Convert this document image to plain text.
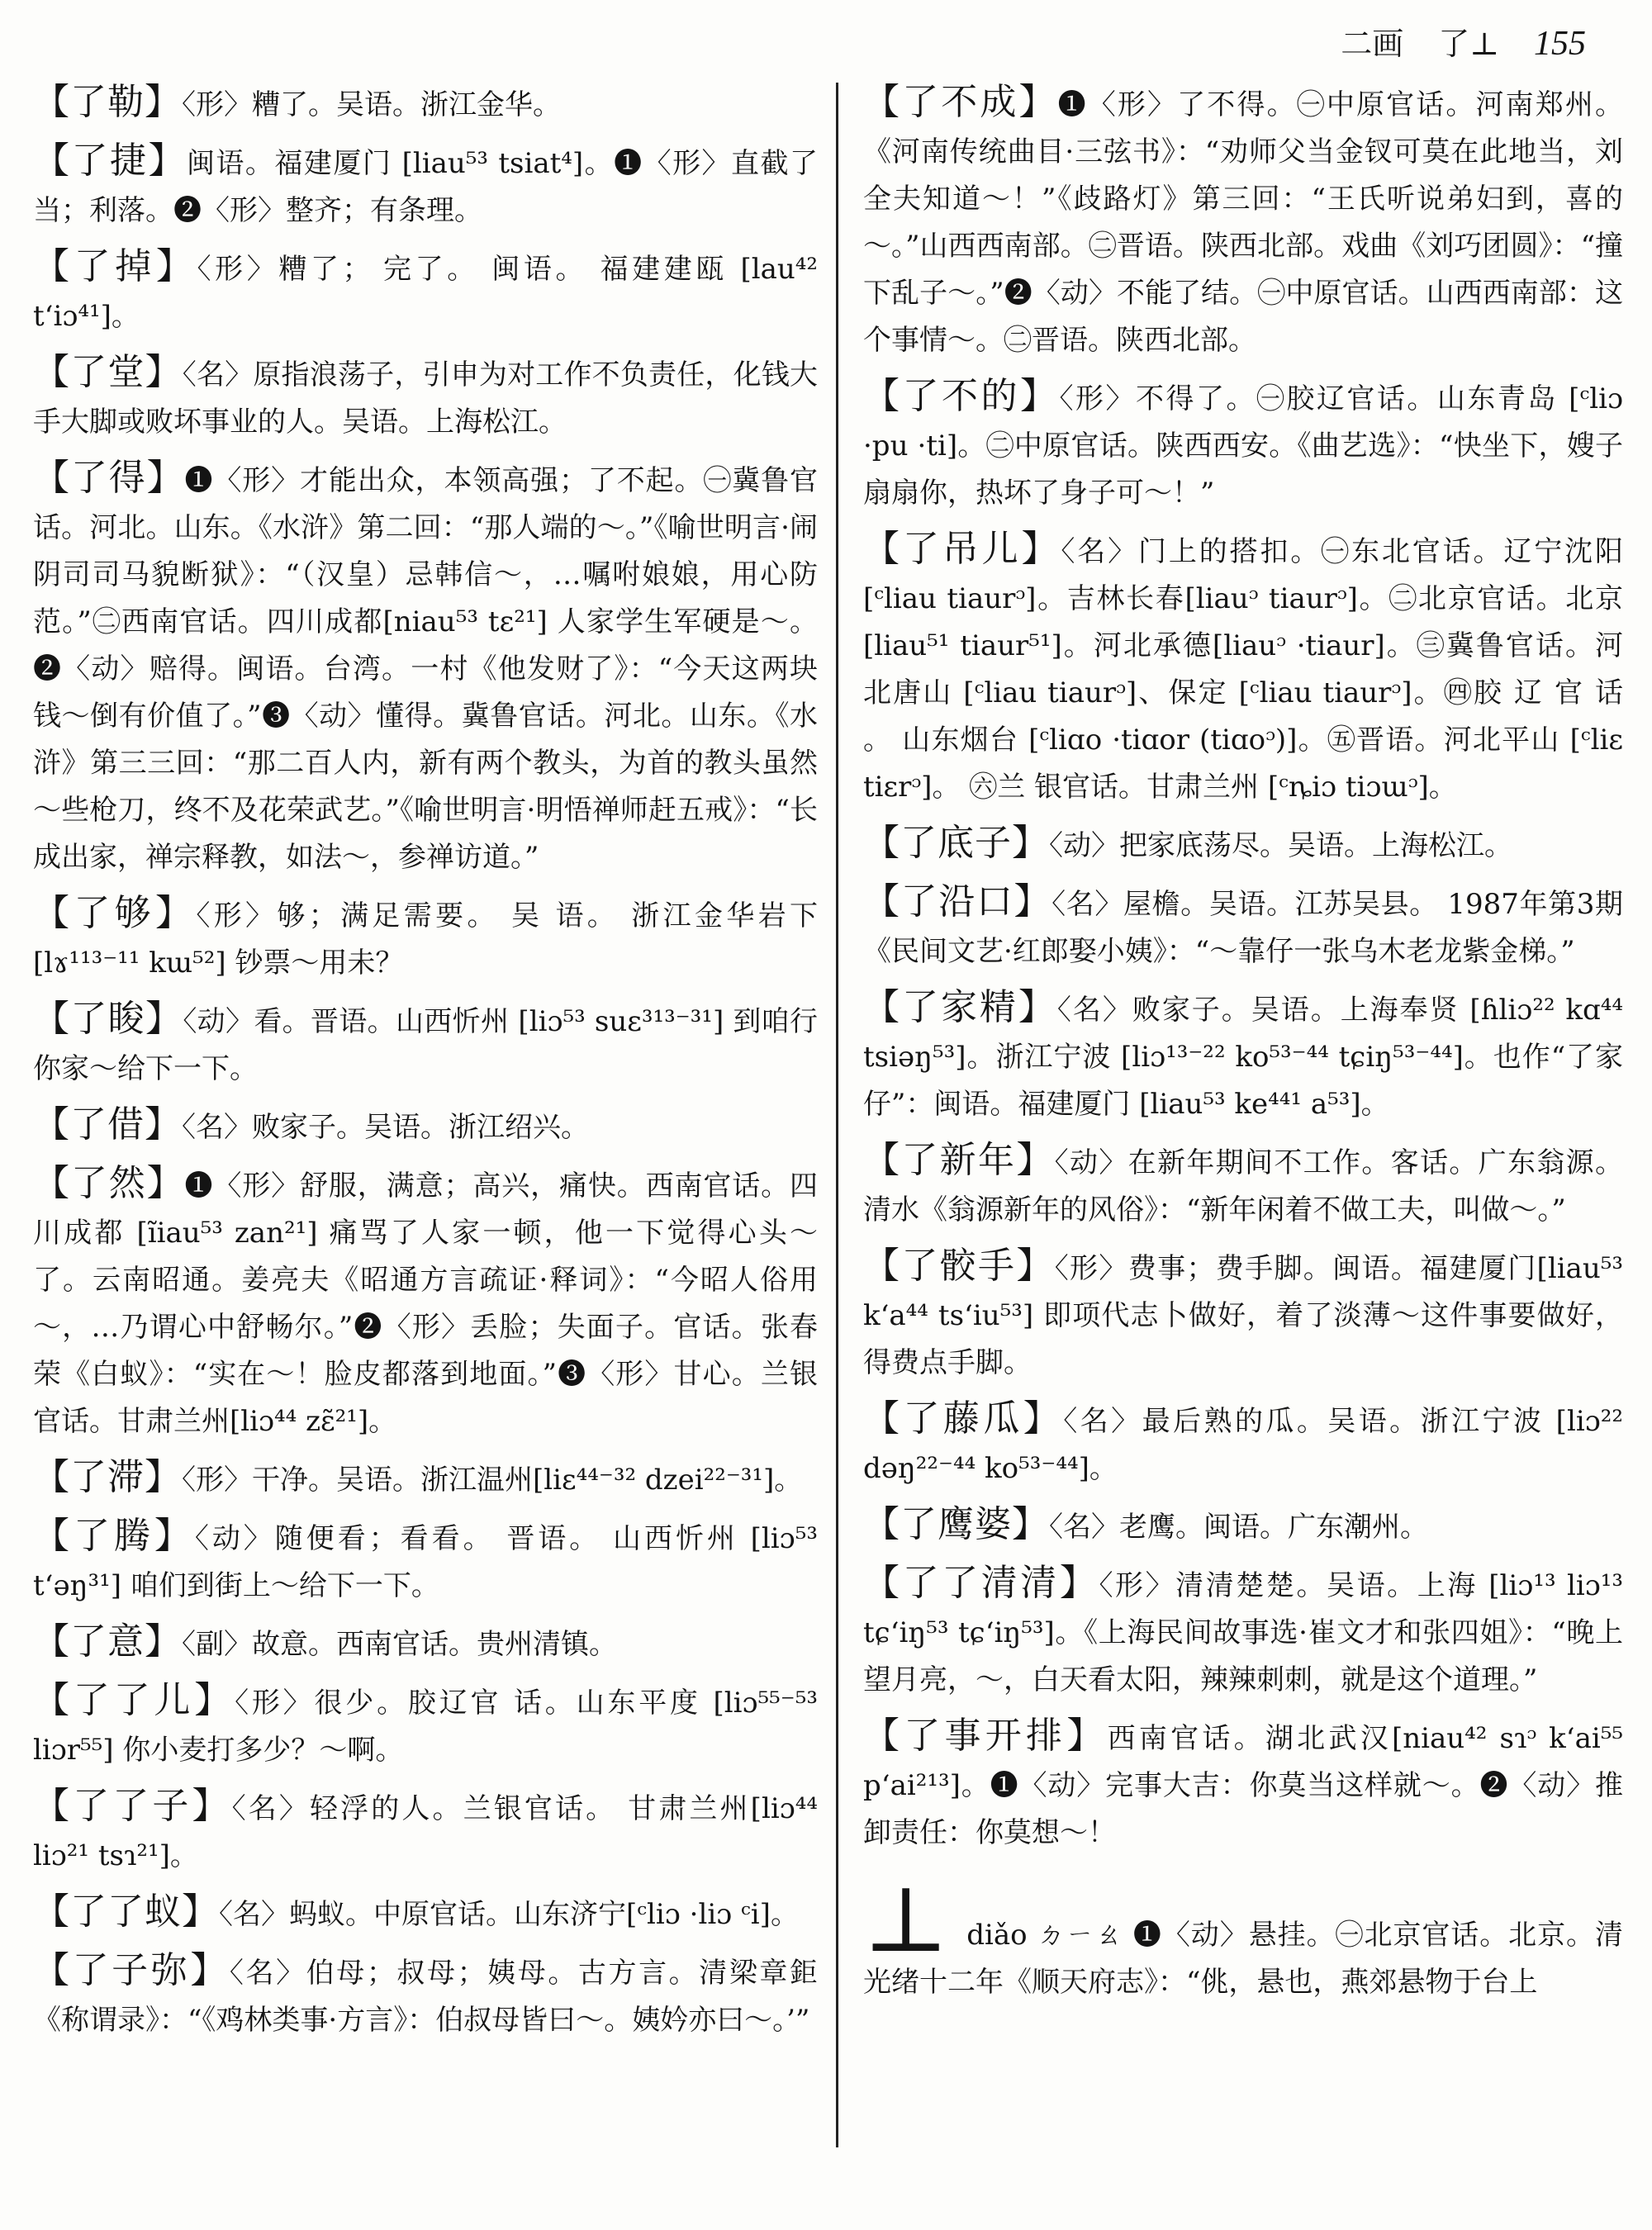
二画 了⊥ 155
【了勒】〈形〉糟了。吴语。浙江金华。
【了捷】闽语。福建厦门 [liau⁵³ tsiat⁴]。❶〈形〉直截了当；利落。❷〈形〉整齐；有条理。
【了掉】〈形〉糟了； 完了。 闽语。 福建建瓯 [lau⁴² t‘iɔ⁴¹]。
【了堂】〈名〉原指浪荡子，引申为对工作不负责任，化钱大手大脚或败坏事业的人。吴语。上海松江。
【了得】❶〈形〉才能出众，本领高强；了不起。㊀冀鲁官话。河北。山东。《水浒》第二回：“那人端的～。”《喻世明言·闹阴司司马貌断狱》：“（汉皇）忌韩信～，…嘱咐娘娘，用心防范。”㊁西南官话。四川成都[niau⁵³ tɛ²¹] 人家学生军硬是～。❷〈动〉赔得。闽语。台湾。一村《他发财了》：“今天这两块钱～倒有价值了。”❸〈动〉懂得。冀鲁官话。河北。山东。《水浒》第三三回：“那二百人内，新有两个教头，为首的教头虽然～些枪刀，终不及花荣武艺。”《喻世明言·明悟禅师赶五戒》：“长成出家，禅宗释教，如法～，参禅访道。”
【了够】〈形〉够；满足需要。 吴 语。 浙江金华岩下 [lɤ¹¹³⁻¹¹ kɯ⁵²] 钞票～用未？
【了睃】〈动〉看。晋语。山西忻州 [liɔ⁵³ suɛ³¹³⁻³¹] 到咱行你家～给下一下。
【了借】〈名〉败家子。吴语。浙江绍兴。
【了然】❶〈形〉舒服，满意；高兴，痛快。西南官话。四川成都 [ĩiau⁵³ zan²¹] 痛骂了人家一顿，他一下觉得心头～了。云南昭通。姜亮夫《昭通方言疏证·释词》：“今昭人俗用～，…乃谓心中舒畅尔。”❷〈形〉丢脸；失面子。官话。张春荣《白蚁》：“实在～！脸皮都落到地面。”❸〈形〉甘心。兰银官话。甘肃兰州[liɔ⁴⁴ zɛ̃²¹]。
【了滞】〈形〉干净。吴语。浙江温州[liɛ⁴⁴⁻³² dzei²²⁻³¹]。
【了腾】〈动〉随便看；看看。 晋语。 山西忻州 [liɔ⁵³ t‘əŋ³¹] 咱们到街上～给下一下。
【了意】〈副〉故意。西南官话。贵州清镇。
【了了儿】〈形〉很少。胶辽官 话。山东平度 [liɔ⁵⁵⁻⁵³ liɔr⁵⁵] 你小麦打多少？～啊。
【了了子】〈名〉轻浮的人。兰银官话。 甘肃兰州[liɔ⁴⁴ liɔ²¹ tsɿ²¹]。
【了了蚁】〈名〉蚂蚁。中原官话。山东济宁[ᶜliɔ ·liɔ ᶜi]。
【了子弥】〈名〉伯母；叔母；姨母。古方言。清梁章鉅《称谓录》：“《鸡林类事·方言》：伯叔母皆曰～。姨妗亦曰～。’”
【了不成】❶〈形〉了不得。㊀中原官话。河南郑州。《河南传统曲目·三弦书》：“劝师父当金钗可莫在此地当，刘全夫知道～！”《歧路灯》第三回：“王氏听说弟妇到，喜的～。”山西西南部。㊁晋语。陕西北部。戏曲《刘巧团圆》：“撞下乱子～。”❷〈动〉不能了结。㊀中原官话。山西西南部：这个事情～。㊁晋语。陕西北部。
【了不的】〈形〉不得了。㊀胶辽官话。山东青岛 [ᶜliɔ ·pu ·ti]。㊁中原官话。陕西西安。《曲艺选》：“快坐下，嫂子扇扇你，热坏了身子可～！”
【了吊儿】〈名〉门上的搭扣。㊀东北官话。辽宁沈阳[ᶜliau tiaurᵓ]。吉林长春[liauᵓ tiaurᵓ]。㊁北京官话。北京[liau⁵¹ tiaur⁵¹]。河北承德[liauᵓ ·tiaur]。㊂冀鲁官话。河北唐山 [ᶜliau tiaurᵓ]、保定 [ᶜliau tiaurᵓ]。㊃胶 辽 官 话 。 山东烟台 [ᶜliɑo ·tiɑor (tiɑoᵓ)]。㊄晋语。河北平山 [ᶜliɛ tiɛrᵓ]。 ㊅兰 银官话。甘肃兰州 [ᶜȵiɔ tiɔɯᵓ]。
【了底子】〈动〉把家底荡尽。吴语。上海松江。
【了沿口】〈名〉屋檐。吴语。江苏吴县。 1987年第3期《民间文艺·红郎娶小姨》：“～靠仔一张乌木老龙紫金梯。”
【了家精】〈名〉败家子。吴语。上海奉贤 [ɦliɔ²² kɑ⁴⁴ tsiəŋ⁵³]。浙江宁波 [liɔ¹³⁻²² ko⁵³⁻⁴⁴ tɕiŋ⁵³⁻⁴⁴]。也作“了家仔”：闽语。福建厦门 [liau⁵³ ke⁴⁴¹ a⁵³]。
【了新年】〈动〉在新年期间不工作。客话。广东翁源。清水《翁源新年的风俗》：“新年闲着不做工夫，叫做～。”
【了骹手】〈形〉费事；费手脚。闽语。福建厦门[liau⁵³ k‘a⁴⁴ ts‘iu⁵³] 即项代志卜做好，着了淡薄～这件事要做好，得费点手脚。
【了藤瓜】〈名〉最后熟的瓜。吴语。浙江宁波 [liɔ²² dəŋ²²⁻⁴⁴ ko⁵³⁻⁴⁴]。
【了鹰婆】〈名〉老鹰。闽语。广东潮州。
【了了清清】〈形〉清清楚楚。吴语。上海 [liɔ¹³ liɔ¹³ tɕ‘iŋ⁵³ tɕ‘iŋ⁵³]。《上海民间故事选·崔文才和张四姐》：“晚上望月亮，～，白天看太阳，辣辣刺刺，就是这个道理。”
【了事开排】西南官话。湖北武汉[niau⁴² sɿᵓ k‘ai⁵⁵ p‘ai²¹³]。❶〈动〉完事大吉：你莫当这样就～。❷〈动〉推卸责任：你莫想～！
⊥ diǎo ㄉㄧㄠ ❶〈动〉悬挂。㊀北京官话。北京。清光绪十二年《顺天府志》：“佻，悬也，燕郊悬物于台上
